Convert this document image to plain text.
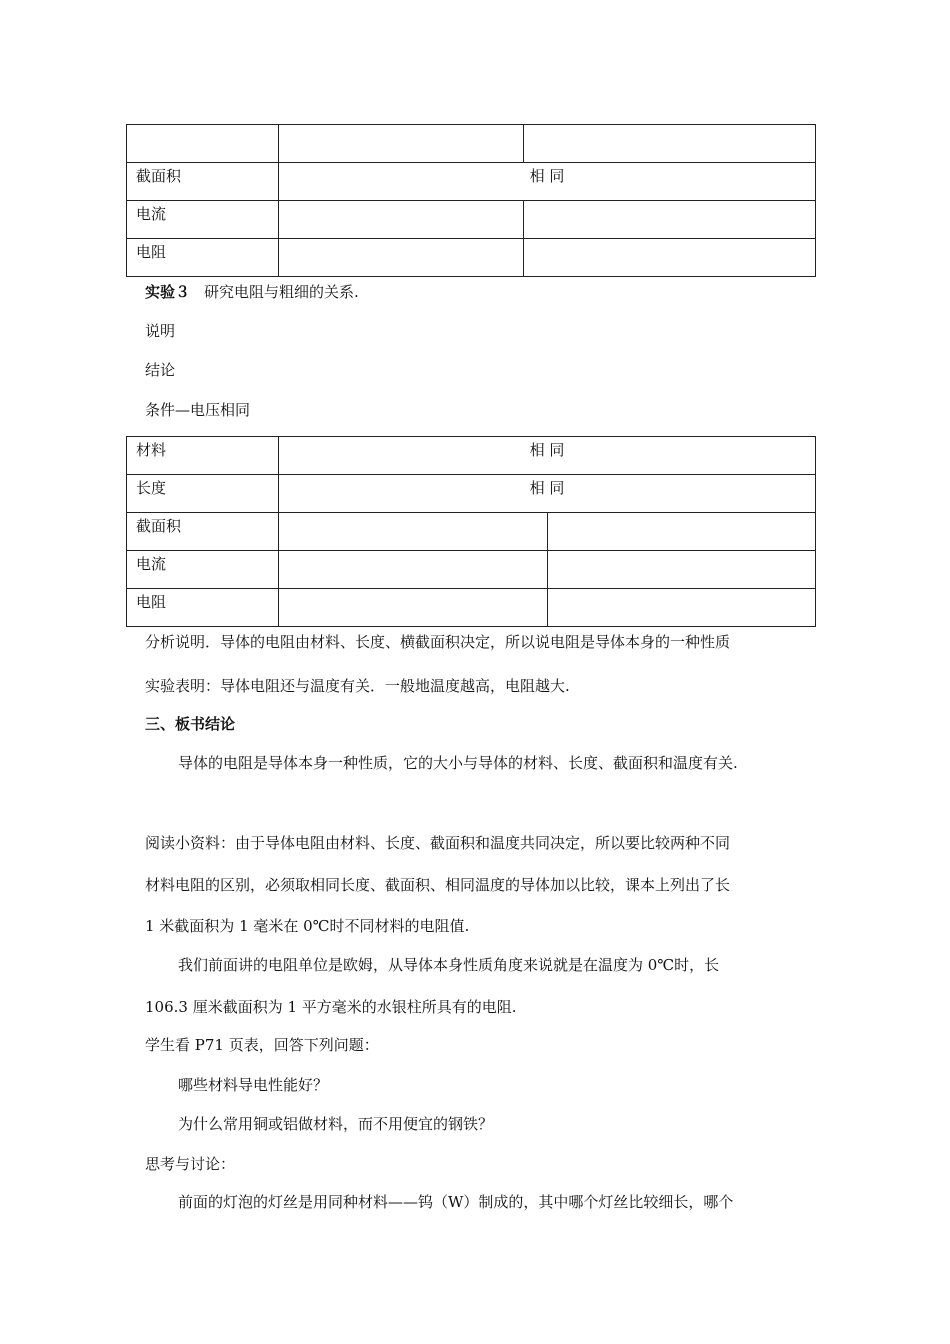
截面积	相 同	
电流		
电阻		
实验３ 研究电阻与粗细的关系.
说明
结论
条件—电压相同
材料	相 同	
长度	相 同	
截面积		
电流		
电阻		
分析说明．导体的电阻由材料、长度、横截面积决定，所以说电阻是导体本身的一种性质
实验表明：导体电阻还与温度有关．一般地温度越高，电阻越大.
三、板书结论
导体的电阻是导体本身一种性质，它的大小与导体的材料、长度、截面积和温度有关.
阅读小资料：由于导体电阻由材料、长度、截面积和温度共同决定，所以要比较两种不同
材料电阻的区别，必须取相同长度、截面积、相同温度的导体加以比较，课本上列出了长
1 米截面积为 1 毫米在 0℃时不同材料的电阻值.
我们前面讲的电阻单位是欧姆，从导体本身性质角度来说就是在温度为 0℃时，长
106.3 厘米截面积为 1 平方毫米的水银柱所具有的电阻.
学生看 P71 页表，回答下列问题：
哪些材料导电性能好？
为什么常用铜或铝做材料，而不用便宜的钢铁？
思考与讨论：
前面的灯泡的灯丝是用同种材料——钨（W）制成的，其中哪个灯丝比较细长，哪个
